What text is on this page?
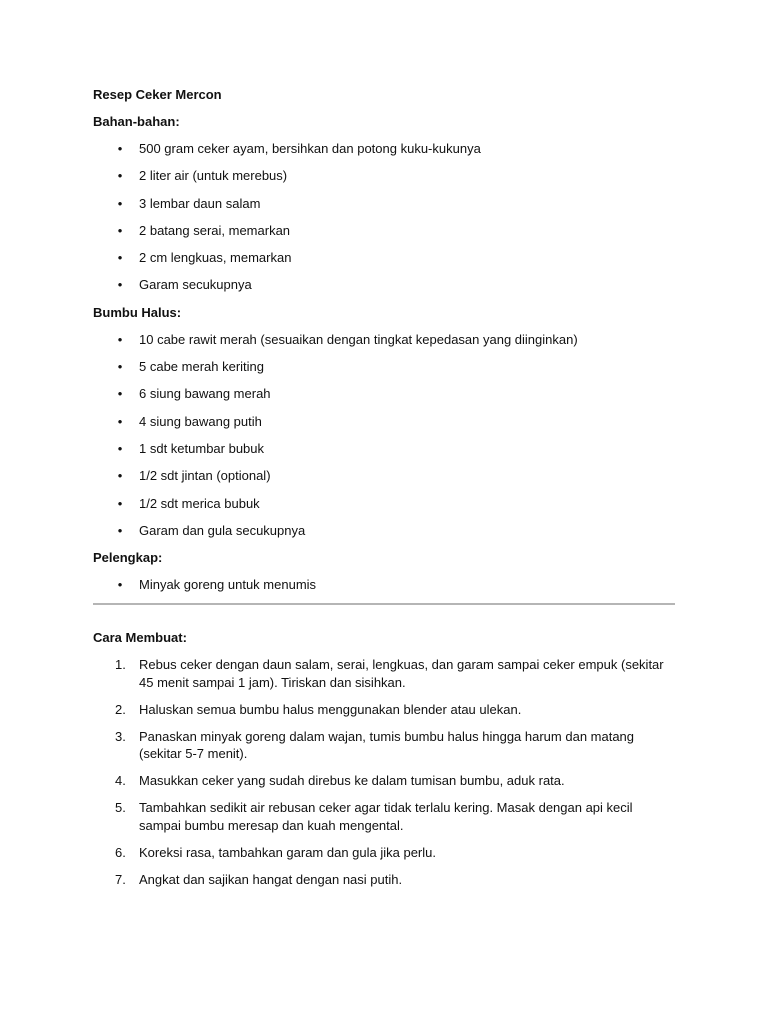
Resep Ceker Mercon
Bahan-bahan:
• 500 gram ceker ayam, bersihkan dan potong kuku-kukunya
• 2 liter air (untuk merebus)
• 3 lembar daun salam
• 2 batang serai, memarkan
• 2 cm lengkuas, memarkan
• Garam secukupnya
Bumbu Halus:
• 10 cabe rawit merah (sesuaikan dengan tingkat kepedasan yang diinginkan)
• 5 cabe merah keriting
• 6 siung bawang merah
• 4 siung bawang putih
• 1 sdt ketumbar bubuk
• 1/2 sdt jintan (optional)
• 1/2 sdt merica bubuk
• Garam dan gula secukupnya
Pelengkap:
• Minyak goreng untuk menumis
Cara Membuat:
1. Rebus ceker dengan daun salam, serai, lengkuas, dan garam sampai ceker empuk (sekitar 45 menit sampai 1 jam). Tiriskan dan sisihkan.
2. Haluskan semua bumbu halus menggunakan blender atau ulekan.
3. Panaskan minyak goreng dalam wajan, tumis bumbu halus hingga harum dan matang (sekitar 5-7 menit).
4. Masukkan ceker yang sudah direbus ke dalam tumisan bumbu, aduk rata.
5. Tambahkan sedikit air rebusan ceker agar tidak terlalu kering. Masak dengan api kecil sampai bumbu meresap dan kuah mengental.
6. Koreksi rasa, tambahkan garam dan gula jika perlu.
7. Angkat dan sajikan hangat dengan nasi putih.
